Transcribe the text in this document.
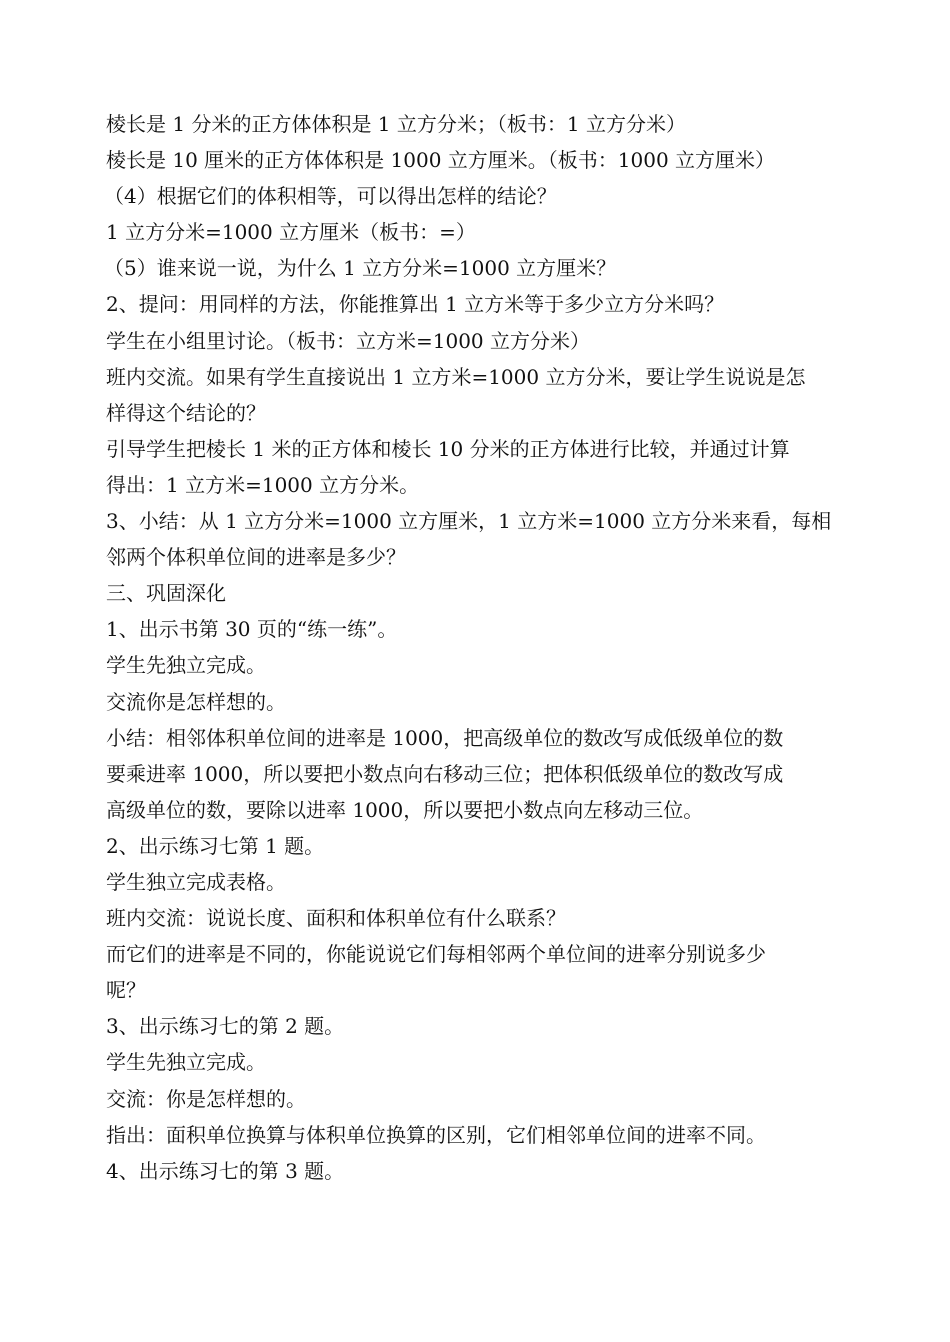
棱长是 1 分米的正方体体积是 1 立方分米；（板书：1 立方分米）
棱长是 10 厘米的正方体体积是 1000 立方厘米。（板书：1000 立方厘米）
（4）根据它们的体积相等，可以得出怎样的结论？
1 立方分米=1000 立方厘米（板书：=）
（5）谁来说一说，为什么 1 立方分米=1000 立方厘米？
2、提问：用同样的方法，你能推算出 1 立方米等于多少立方分米吗？
学生在小组里讨论。（板书：立方米=1000 立方分米）
班内交流。如果有学生直接说出 1 立方米=1000 立方分米，要让学生说说是怎
样得这个结论的？
引导学生把棱长 1 米的正方体和棱长 10 分米的正方体进行比较，并通过计算
得出：1 立方米=1000 立方分米。
3、小结：从 1 立方分米=1000 立方厘米，1 立方米=1000 立方分米来看，每相
邻两个体积单位间的进率是多少？
三、巩固深化
1、出示书第 30 页的“练一练”。
学生先独立完成。
交流你是怎样想的。
小结：相邻体积单位间的进率是 1000，把高级单位的数改写成低级单位的数
要乘进率 1000，所以要把小数点向右移动三位；把体积低级单位的数改写成
高级单位的数，要除以进率 1000，所以要把小数点向左移动三位。
2、出示练习七第 1 题。
学生独立完成表格。
班内交流：说说长度、面积和体积单位有什么联系？
而它们的进率是不同的，你能说说它们每相邻两个单位间的进率分别说多少
呢？
3、出示练习七的第 2 题。
学生先独立完成。
交流：你是怎样想的。
指出：面积单位换算与体积单位换算的区别，它们相邻单位间的进率不同。
4、出示练习七的第 3 题。
